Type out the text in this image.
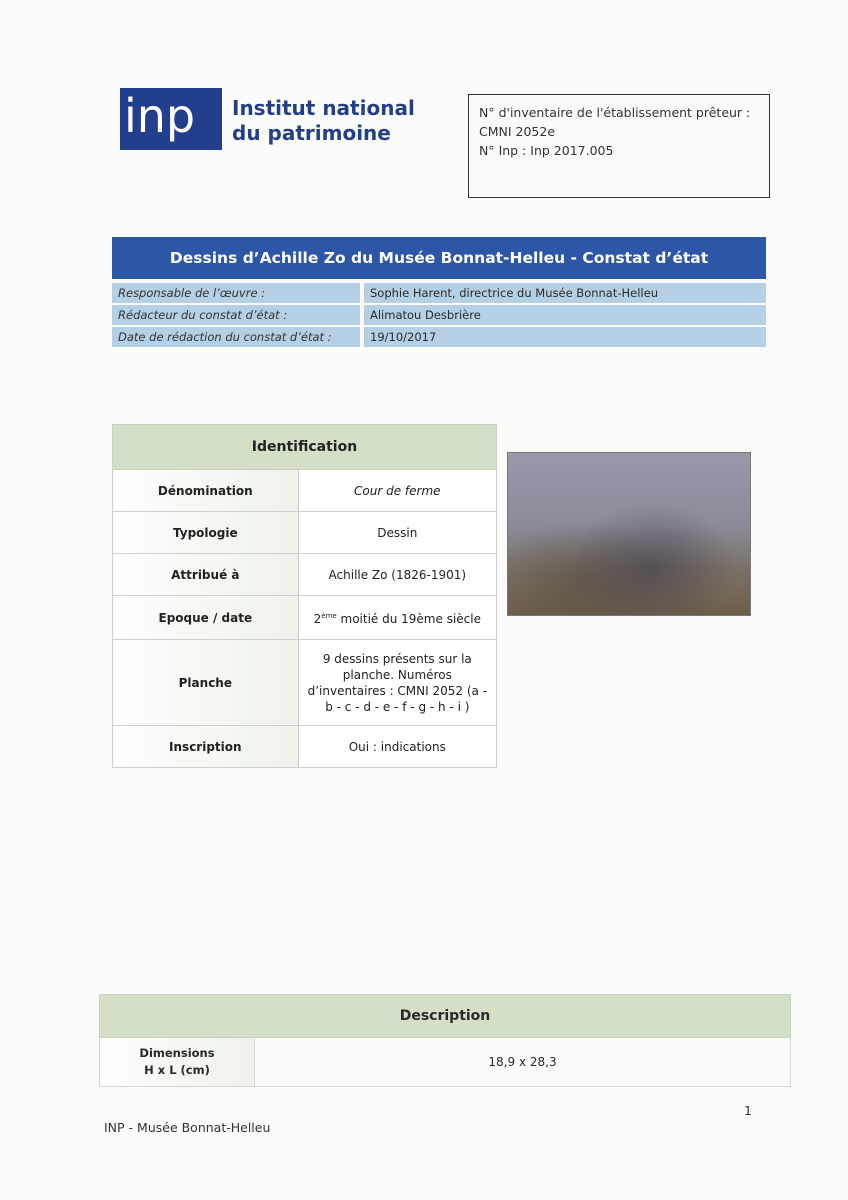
inp	Institut national
du patrimoine
N° d'inventaire de l'établissement prêteur :
CMNI 2052e
N° Inp : Inp 2017.005
Dessins d’Achille Zo du Musée Bonnat-Helleu - Constat d’état
Responsable de l’œuvre :		Sophie Harent, directrice du Musée Bonnat-Helleu
Rédacteur du constat d’état :		Alimatou Desbrière
Date de rédaction du constat d’état :		19/10/2017
Identification	
Dénomination	Cour de ferme
Typologie	Dessin
Attribué à	Achille Zo (1826-1901)
Epoque / date	2ème moitié du 19ème siècle
Planche	9 dessins présents sur la planche. Numéros d’inventaires : CMNI 2052 (a - b - c - d - e - f - g - h - i )
Inscription	Oui : indications
Description

Dimensions
H x L (cm)
	18,9 x 28,3
1
INP - Musée Bonnat-Helleu
